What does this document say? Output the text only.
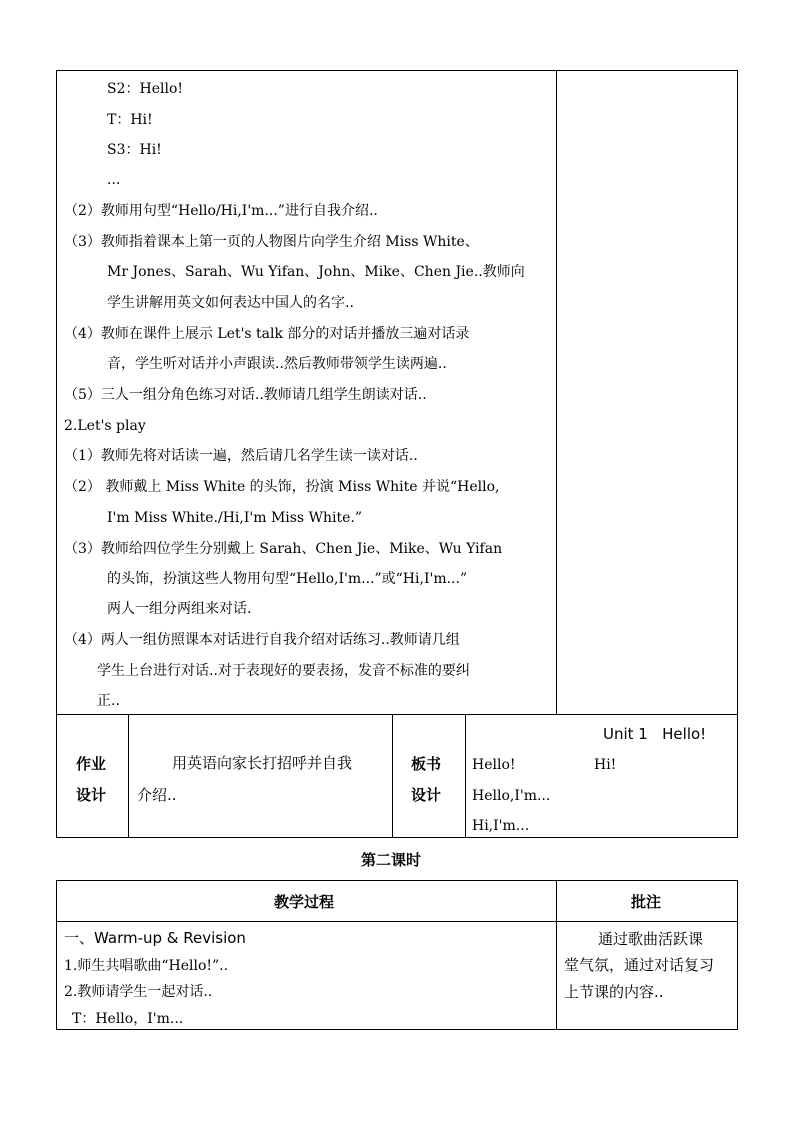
S2：Hello!
T：Hi!
S3：Hi!
...
（2）教师用句型“Hello/Hi,I'm...”进行自我介绍..
（3）教师指着课本上第一页的人物图片向学生介绍 Miss White、
Mr Jones、Sarah、Wu Yifan、John、Mike、Chen Jie..教师向
学生讲解用英文如何表达中国人的名字..
（4）教师在课件上展示 Let's talk 部分的对话并播放三遍对话录
音，学生听对话并小声跟读..然后教师带领学生读两遍..
（5）三人一组分角色练习对话..教师请几组学生朗读对话..
2.Let's play
（1）教师先将对话读一遍，然后请几名学生读一读对话..
（2） 教师戴上 Miss White 的头饰，扮演 Miss White 并说“Hello,
I'm Miss White./Hi,I'm Miss White.”
（3）教师给四位学生分别戴上 Sarah、Chen Jie、Mike、Wu Yifan
的头饰，扮演这些人物用句型“Hello,I'm...”或“Hi,I'm...”
两人一组分两组来对话.
（4）两人一组仿照课本对话进行自我介绍对话练习..教师请几组
学生上台进行对话..对于表现好的要表扬，发音不标准的要纠
正..
作业
设计
用英语向家长打招呼并自我
介绍..
板书
设计
Unit 1   Hello!
Hello!	Hi!
Hello,I'm...
Hi,I'm...
第二课时
教学过程	批注
一、Warm-up & Revision
1.师生共唱歌曲“Hello!”..
2.教师请学生一起对话..
T：Hello，I'm...
通过歌曲活跃课
堂气氛，通过对话复习
上节课的内容..
